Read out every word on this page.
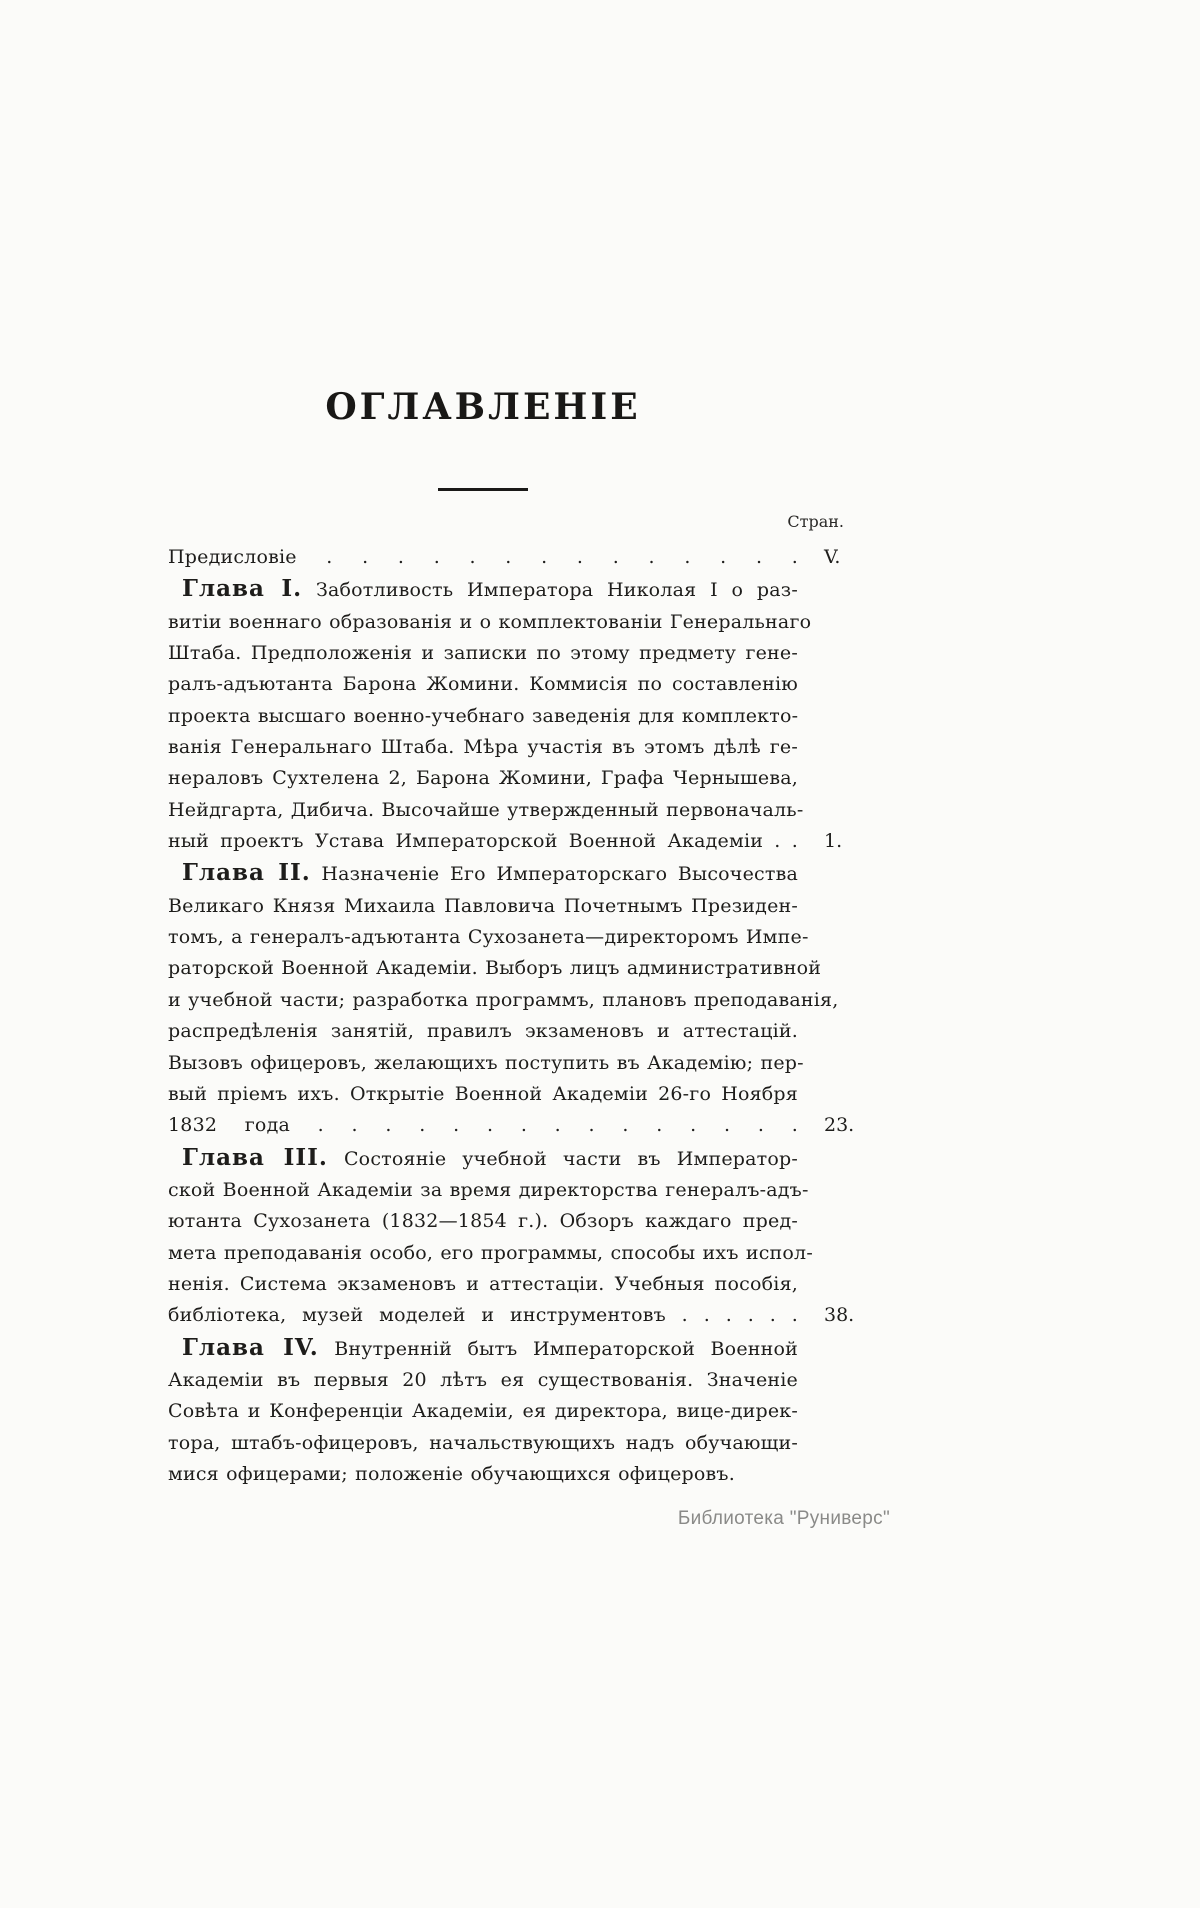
ОГЛАВЛЕНІЕ
Стран.
Предисловіе . . . . . . . . . . . . . . V.
Глава I. Заботливость Императора Николая I о раз-
витіи военнаго образованія и о комплектованіи Генеральнаго
Штаба. Предположенія и записки по этому предмету гене-
ралъ-адъютанта Барона Жомини. Коммисія по составленію
проекта высшаго военно-учебнаго заведенія для комплекто-
ванія Генеральнаго Штаба. Мѣра участія въ этомъ дѣлѣ ге-
нераловъ Сухтелена 2, Барона Жомини, Графа Чернышева,
Нейдгарта, Дибича. Высочайше утвержденный первоначаль-
ный проектъ Устава Императорской Военной Академіи . . 1.
Глава II. Назначеніе Его Императорскаго Высочества
Великаго Князя Михаила Павловича Почетнымъ Президен-
томъ, а генералъ-адъютанта Сухозанета—директоромъ Импе-
раторской Военной Академіи. Выборъ лицъ административной
и учебной части; разработка программъ, плановъ преподаванія,
распредѣленія занятій, правилъ экзаменовъ и аттестацій.
Вызовъ офицеровъ, желающихъ поступить въ Академію; пер-
вый пріемъ ихъ. Открытіе Военной Академіи 26-го Ноября
1832 года . . . . . . . . . . . . . . . 23.
Глава III. Состояніе учебной части въ Император-
ской Военной Академіи за время директорства генералъ-адъ-
ютанта Сухозанета (1832—1854 г.). Обзоръ каждаго пред-
мета преподаванія особо, его программы, способы ихъ испол-
ненія. Система экзаменовъ и аттестаціи. Учебныя пособія,
библіотека, музей моделей и инструментовъ . . . . . . 38.
Глава IV. Внутренній бытъ Императорской Военной
Академіи въ первыя 20 лѣтъ ея существованія. Значеніе
Совѣта и Конференціи Академіи, ея директора, вице-дирек-
тора, штабъ-офицеровъ, начальствующихъ надъ обучающи-
мися офицерами; положеніе обучающихся офицеровъ.
Библиотека "Руниверс"
